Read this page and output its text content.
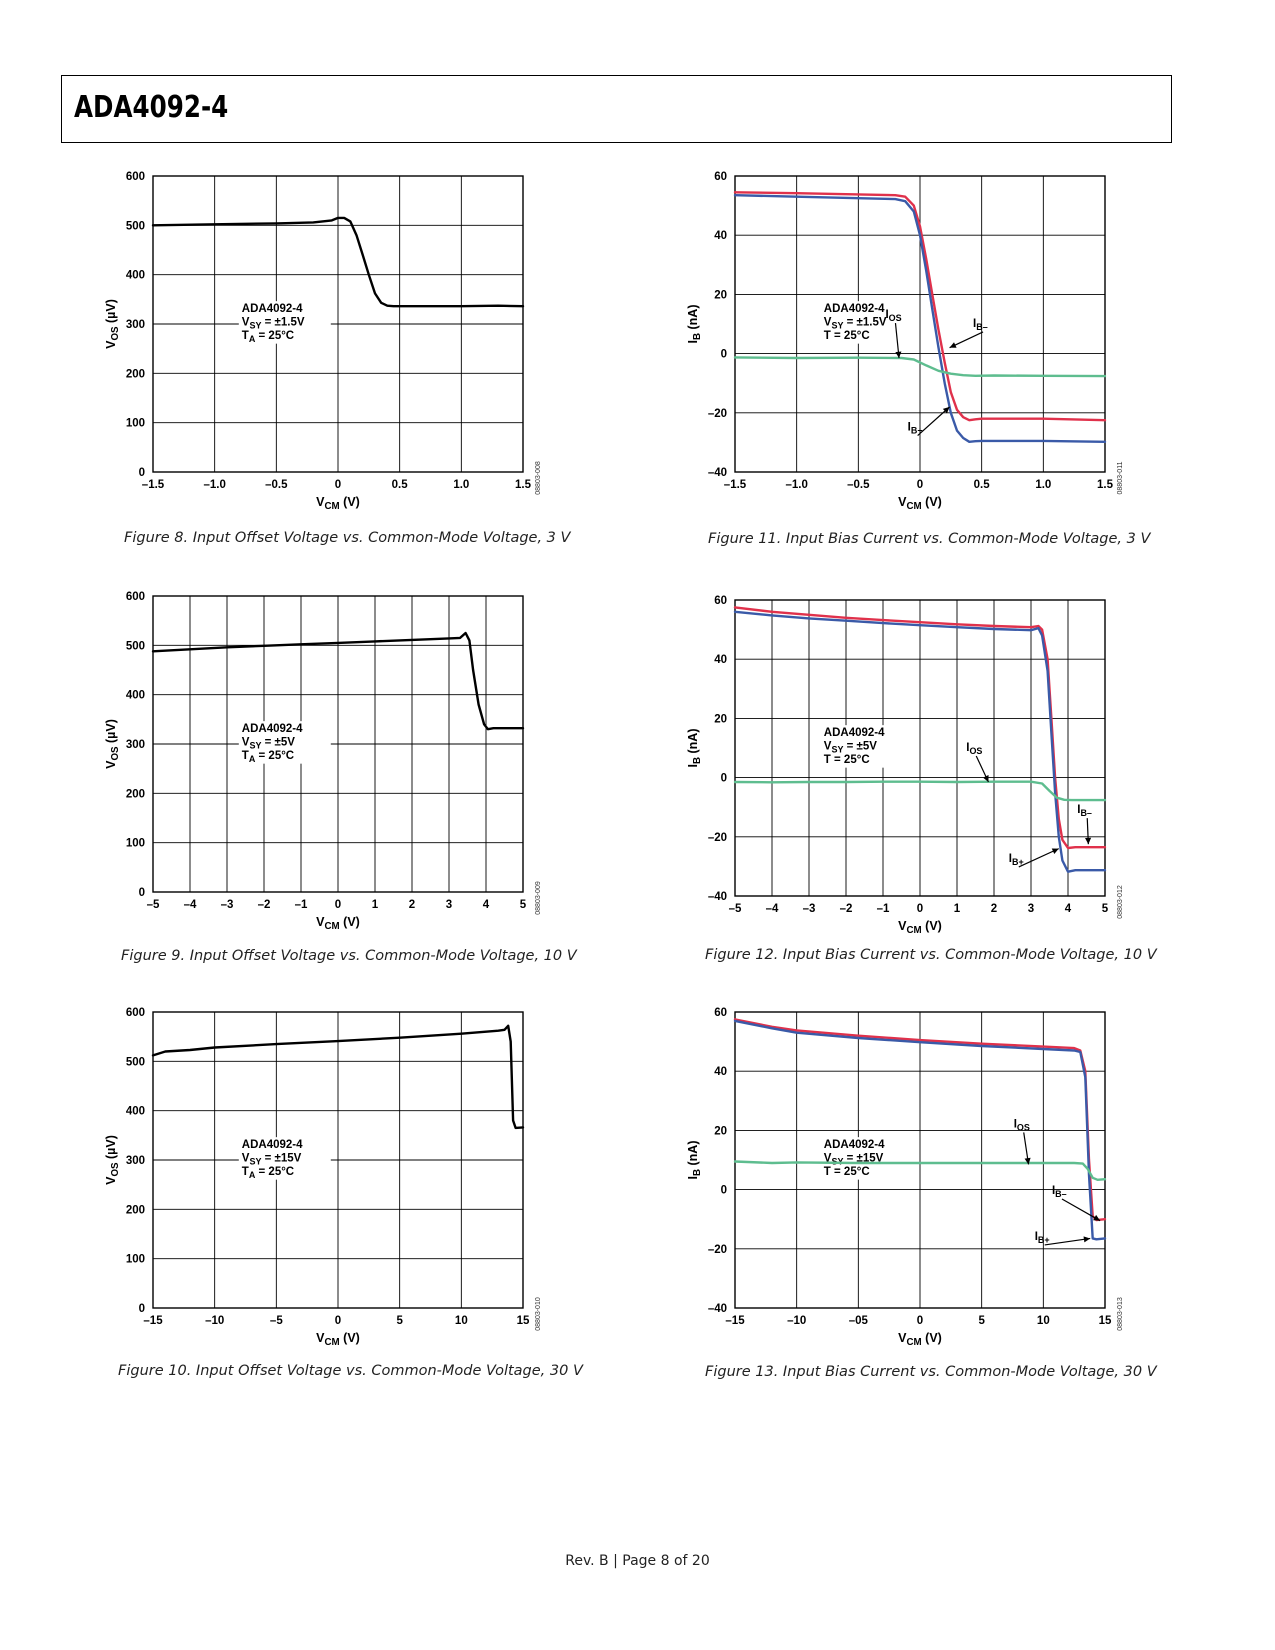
ADA4092-4
–1.5	–1.0	–0.5	0	0.5	1.0	1.5
0
100
200
300
400
500
600
ADA4092-4
$V_{SY} = \pm 1.5V$
$T_A = 25^\circ C$
$V_{CM}$ (V)
$V_{OS}$ (µV)
08803-008
Figure 8. Input Offset Voltage vs. Common-Mode Voltage, 3 V
–5 –4 –3 –2 –1 0	1	2	3	4	5
0
100
200
300
400
500
600
ADA4092-4
$V_{SY} = \pm 5V$
$T_A = 25^\circ C$
$V_{CM}$ (V)
$V_{OS}$ (µV)
08803-009
Figure 9. Input Offset Voltage vs. Common-Mode Voltage, 10 V
–15	–10	–5	0	5	10	15
0
100
200
300
400
500
600
ADA4092-4
$V_{SY} = \pm 15V$
$T_A = 25^\circ C$
$V_{CM}$ (V)
$V_{OS}$ (µV)
08803-010
Figure 10. Input Offset Voltage vs. Common-Mode Voltage, 30 V
–1.5	–1.0	–0.5	0	0.5	1.0	1.5
–40
–20
0
20
40
60
ADA4092-4
$V_{SY} = \pm 1.5V$
T = 25°C
$I_{OS}$	$I_{B-}$
$I_{B+}$
$V_{CM}$ (V)
$I_B$ (nA)
08803-011
Figure 11. Input Bias Current vs. Common-Mode Voltage, 3 V
–5 –4 –3 –2 –1 0	1	2	3	4	5
–40
–20
0
20
40
60
ADA4092-4
$V_{SY} = \pm 5V$
T = 25°C
$I_{OS}$
$I_{B-}$
$I_{B+}$
$V_{CM}$ (V)
$I_B$ (nA)
08803-012
Figure 12. Input Bias Current vs. Common-Mode Voltage, 10 V
–15	–10	–05	0	5	10	15
–40
–20
0
20
40
60
ADA4092-4
$V_{SY} = \pm 15V$
T = 25°C
$I_{OS}$
$I_{B-}$
$I_{B+}$
$V_{CM}$ (V)
$I_B$ (nA)
08803-013
Figure 13. Input Bias Current vs. Common-Mode Voltage, 30 V
Rev. B | Page 8 of 20
